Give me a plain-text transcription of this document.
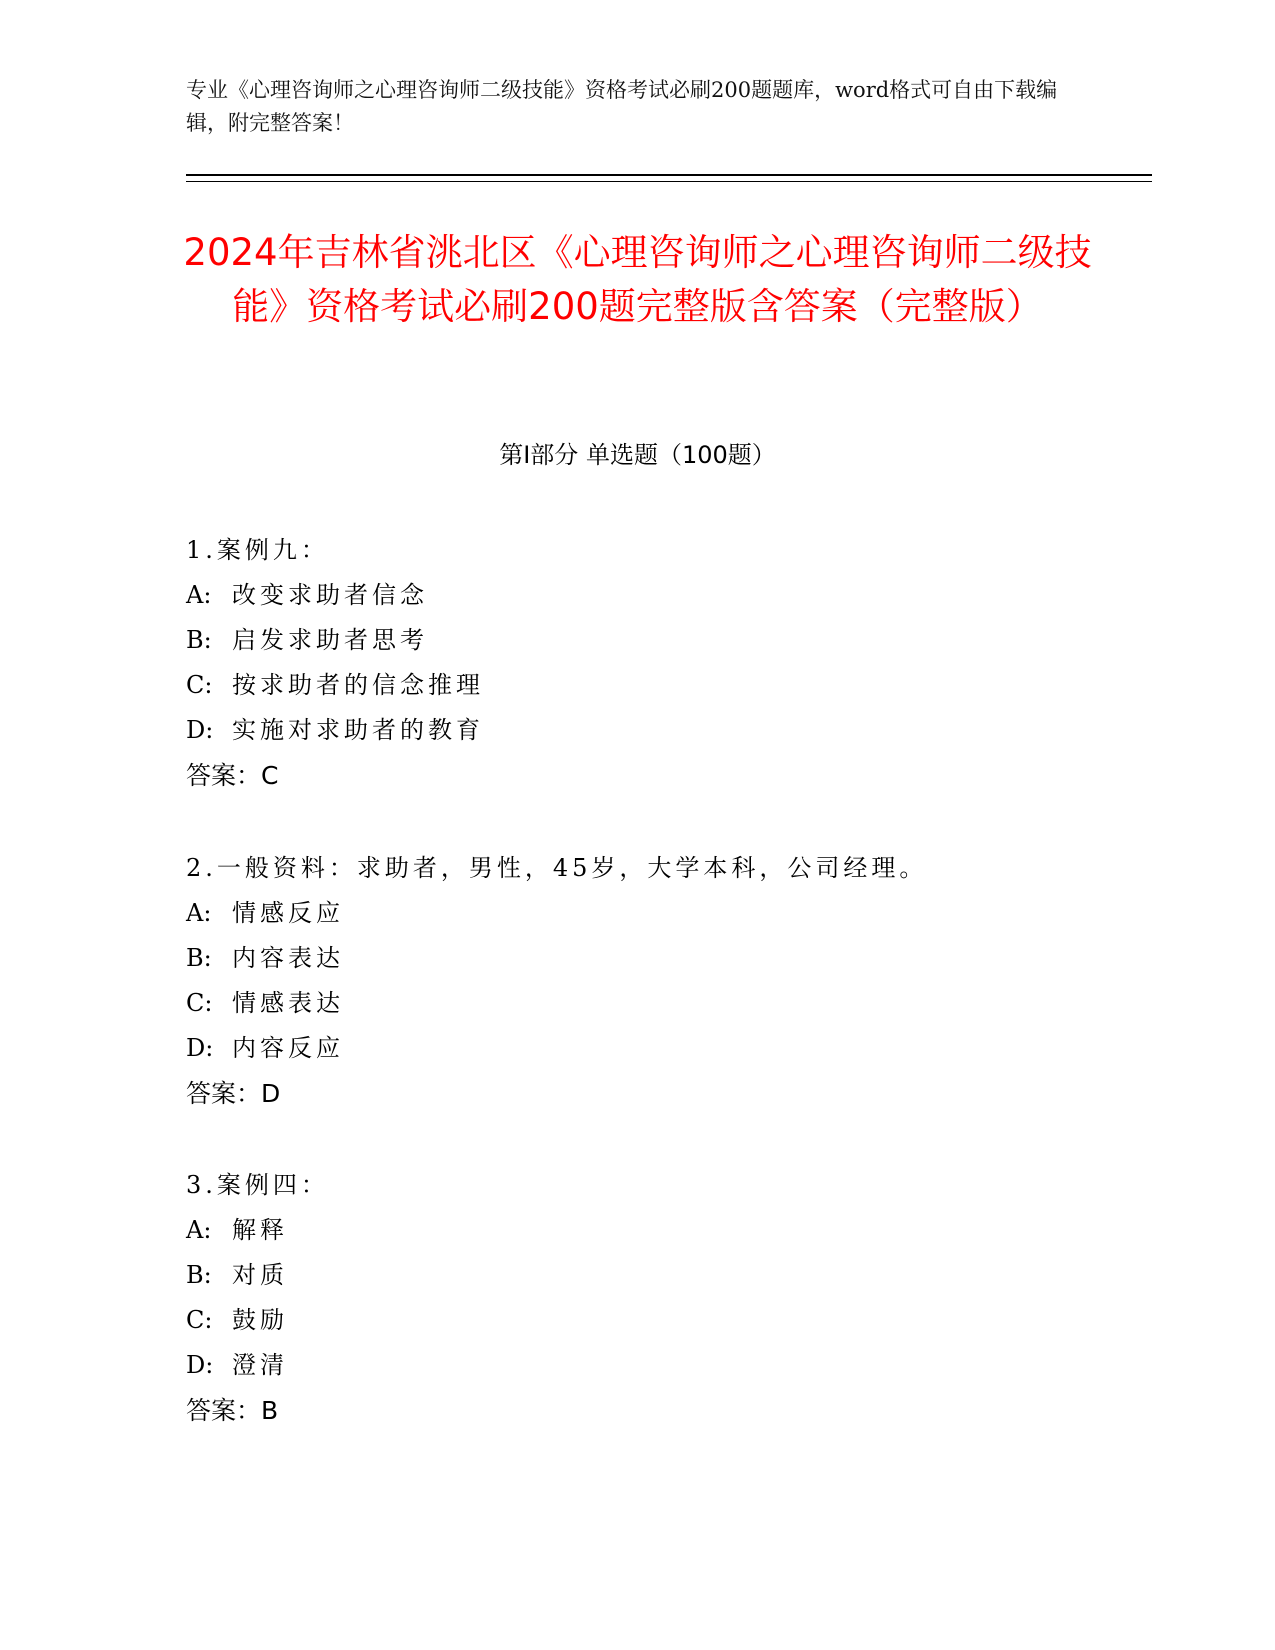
专业《心理咨询师之心理咨询师二级技能》资格考试必刷200题题库，word格式可自由下载编辑，附完整答案！
2024年吉林省洮北区《心理咨询师之心理咨询师二级技能》资格考试必刷200题完整版含答案（完整版）
第I部分 单选题（100题）
1.案例九：
A: 改变求助者信念
B: 启发求助者思考
C: 按求助者的信念推理
D: 实施对求助者的教育
答案：C
2.一般资料：求助者，男性，45岁，大学本科，公司经理。
A: 情感反应
B: 内容表达
C: 情感表达
D: 内容反应
答案：D
3.案例四：
A: 解释
B: 对质
C: 鼓励
D: 澄清
答案：B
